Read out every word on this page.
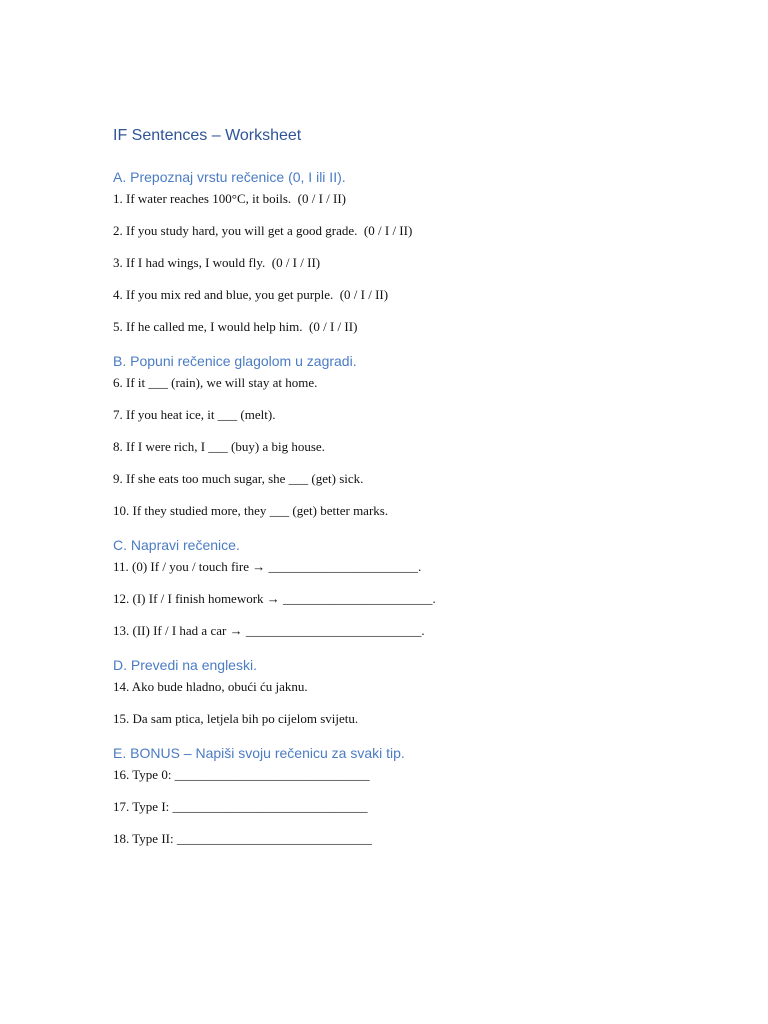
IF Sentences – Worksheet
A. Prepoznaj vrstu rečenice (0, I ili II).
1. If water reaches 100°C, it boils.  (0 / I / II)
2. If you study hard, you will get a good grade.  (0 / I / II)
3. If I had wings, I would fly.  (0 / I / II)
4. If you mix red and blue, you get purple.  (0 / I / II)
5. If he called me, I would help him.  (0 / I / II)
B. Popuni rečenice glagolom u zagradi.
6. If it ___ (rain), we will stay at home.
7. If you heat ice, it ___ (melt).
8. If I were rich, I ___ (buy) a big house.
9. If she eats too much sugar, she ___ (get) sick.
10. If they studied more, they ___ (get) better marks.
C. Napravi rečenice.
11. (0) If / you / touch fire → _______________________.
12. (I) If / I finish homework → _______________________.
13. (II) If / I had a car → ___________________________.
D. Prevedi na engleski.
14. Ako bude hladno, obući ću jaknu.
15. Da sam ptica, letjela bih po cijelom svijetu.
E. BONUS – Napiši svoju rečenicu za svaki tip.
16. Type 0: ______________________________
17. Type I: ______________________________
18. Type II: ______________________________
